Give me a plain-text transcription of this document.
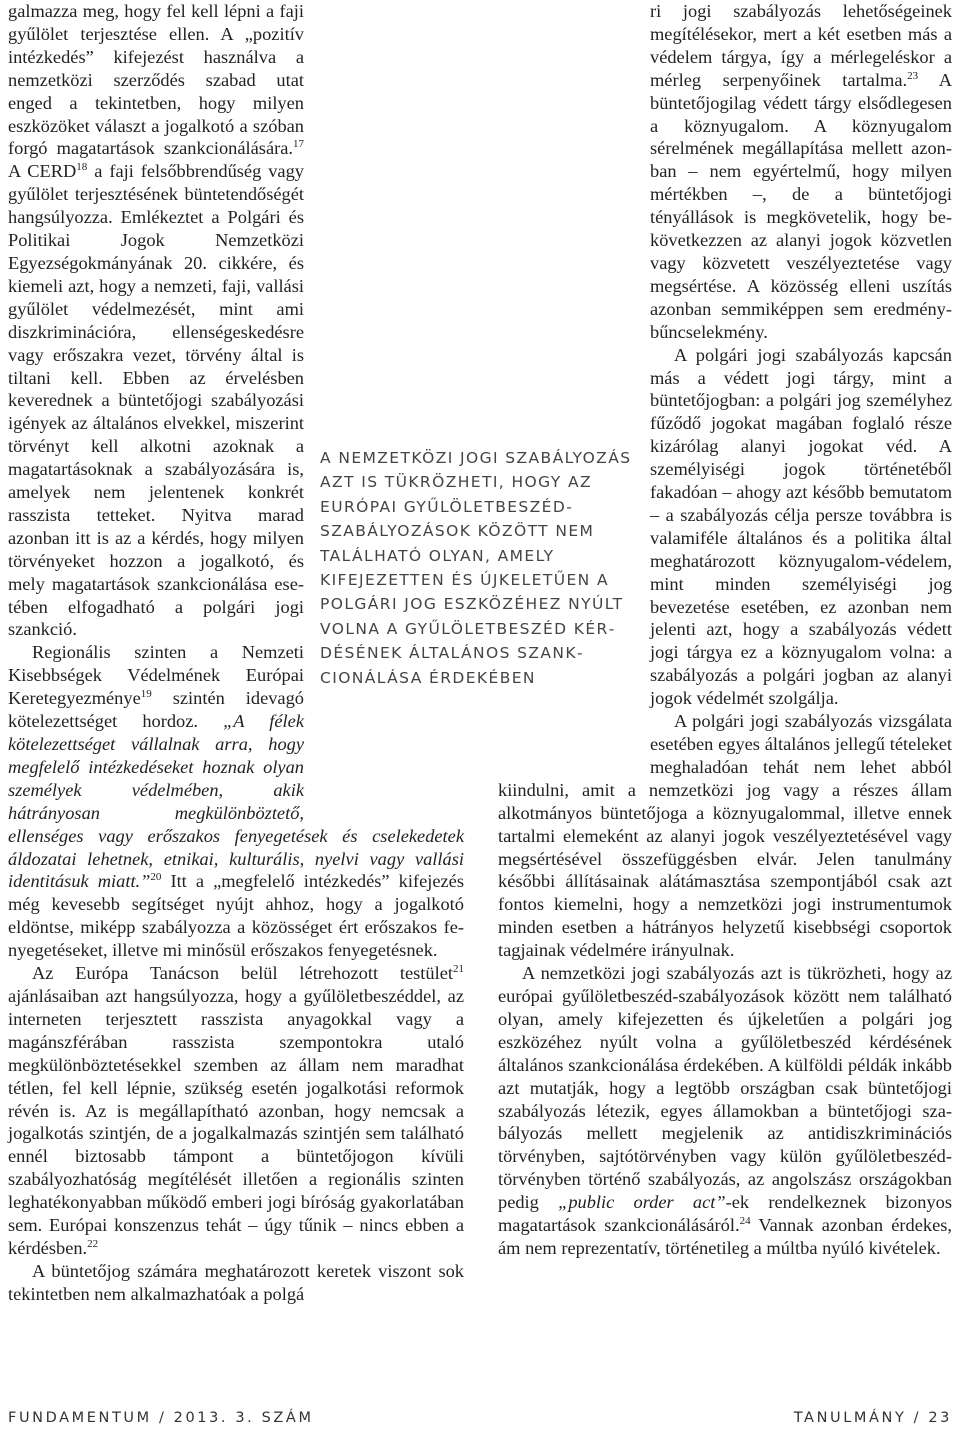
galmazza meg, hogy fel kell lépni a faji gyűlölet terjesztése ellen. A „pozitív intézkedés” kifejezést használva a nemzetközi szerződés szabad utat enged a tekintetben, hogy milyen eszközöket választ a jogalkotó a szóban forgó magatartások szankcionálására.$^{17}$ A CERD$^{18}$ a faji felsőbbrendűség vagy gyűlölet terjesztésének büntetendőségét hangsúlyozza. Emlékeztet a Polgári és Politikai Jogok Nemzetközi Egyezségokmányának 20. cikkére, és kiemeli azt, hogy a nemzeti, faji, vallási gyűlölet védelmezését, mint ami diszkriminációra, ellenségeskedésre vagy erőszakra vezet, törvény által is tiltani kell. Ebben az érvelésben keverednek a büntetőjogi szabályozási igények az általános elvekkel, miszerint törvényt kell alkotni azoknak a magatartásoknak a szabályozására is, amelyek nem jelentenek konkrét rasszista tetteket. Nyitva marad azonban itt is az a kérdés, hogy milyen törvényeket hozzon a jogalkotó, és mely magatartások szankcionálása esetében elfogadható a polgári jogi szankció.

Regionális szinten a Nemzeti Kisebbségek Védelmének Európai Keretegyezménye$^{19}$ szintén idevagó kötelezettséget hordoz. „A félek kötelezettséget vállalnak arra, hogy megfelelő intézkedéseket hoznak olyan személyek védelmében, akik hátrányosan megkülönböztető, ellenséges vagy erőszakos fenyegetések és cselekedetek áldozatai lehetnek, etnikai, kulturális, nyelvi vagy vallási identitásuk miatt.”$^{20}$ Itt a „megfelelő intézkedés” kifejezés még kevesebb segítséget nyújt ahhoz, hogy a jogalkotó eldöntse, miképp szabályozza a közösséget ért erőszakos fenyegetéseket, illetve mi minősül erőszakos fenyegetésnek.

Az Európa Tanácson belül létrehozott testület$^{21}$ ajánlásaiban azt hangsúlyozza, hogy a gyűlöletbeszéddel, az interneten terjesztett rasszista anyagokkal vagy a magánszférában rasszista szempontokra utaló megkülönböztetésekkel szemben az állam nem maradhat tétlen, fel kell lépnie, szükség esetén jogalkotási reformok révén is. Az is megállapítható azonban, hogy nemcsak a jogalkotás szintjén, de a jogalkalmazás szintjén sem található ennél biztosabb támpont a büntetőjogon kívüli szabályozhatóság megítélését illetően a regionális szinten leghatékonyabban működő emberi jogi bíróság gyakorlatában sem. Európai konszenzus tehát – úgy tűnik – nincs ebben a kérdésben.$^{22}$

A büntetőjog számára meghatározott keretek viszont sok tekintetben nem alkalmazhatóak a polgá

ri jogi szabályozás lehetőségeinek megítélésekor, mert a két esetben más a védelem tárgya, így a mérlegeléskor a mérleg serpenyőinek tartalma.$^{23}$ A büntetőjogilag védett tárgy elsődlegesen a köznyugalom. A köznyugalom sérelmének megállapítása mellett azonban – nem egyértelmű, hogy milyen mértékben –, de a büntetőjogi tényállások is megkövetelik, hogy bekövetkezzen az alanyi jogok közvetlen vagy közvetett veszélyeztetése vagy megsértése. A közösség elleni uszítás azonban semmiképpen sem eredménybűncselekmény.

A polgári jogi szabályozás kapcsán más a védett jogi tárgy, mint a büntetőjogban: a polgári jog személyhez fűződő jogokat magában foglaló része kizárólag alanyi jogokat véd. A személyiségi jogok történetéből fakadóan – ahogy azt később bemutatom – a szabályozás célja persze továbbra is valamiféle általános és a politika által meghatározott köznyugalom-védelem, mint minden személyiségi jog bevezetése esetében, ez azonban nem jelenti azt, hogy a szabályozás védett jogi tárgya ez a köznyugalom volna: a szabályozás a polgári jogban az alanyi jogok védelmét szolgálja.

A polgári jogi szabályozás vizsgálata esetében egyes általános jellegű tételeket meghaladóan tehát nem lehet abból kiindulni, amit a nemzetközi jog vagy a részes állam alkotmányos büntetőjoga a köznyugalommal, illetve ennek tartalmi elemeként az alanyi jogok veszélyeztetésével vagy megsértésével összefüggésben elvár. Jelen tanulmány későbbi állításainak alátámasztása szempontjából csak azt fontos kiemelni, hogy a nemzetközi jogi instrumentumok minden esetben a hátrányos helyzetű kisebbségi csoportok tagjainak védelmére irányulnak.

A nemzetközi jogi szabályozás azt is tükrözheti, hogy az európai gyűlöletbeszéd-szabályozások között nem található olyan, amely kifejezetten és újkeletűen a polgári jog eszközéhez nyúlt volna a gyűlöletbeszéd kérdésének általános szankcionálása érdekében. A külföldi példák inkább azt mutatják, hogy a legtöbb országban csak büntetőjogi szabályozás létezik, egyes államokban a büntetőjogi szabályozás mellett megjelenik az antidiszkriminációs törvényben, sajtótörvényben vagy külön gyűlöletbeszéd-törvényben történő szabályozás, az angolszász országokban pedig „public order act”-ek rendelkeznek bizonyos magatartások szankcionálásáról.$^{24}$ Vannak azonban érdekes, ám nem reprezentatív, történetileg a múltba nyúló kivételek.

A NEMZETKÖZI JOGI SZABÁLYOZÁS AZT IS TÜKRÖZHETI, HOGY AZ EURÓPAI GYŰLÖLETBESZÉD-SZABÁLYOZÁSOK KÖZÖTT NEM TALÁLHATÓ OLYAN, AMELY KIFEJEZETTEN ÉS ÚJKELETŰEN A POLGÁRI JOG ESZKÖZÉHEZ NYÚLT VOLNA A GYŰLÖLETBESZÉD KÉRDÉSÉNEK ÁLTALÁNOS SZANKCIONÁLÁSA ÉRDEKÉBEN
FUNDAMENTUM / 2013. 3. SZÁM	TANULMÁNY / 23
